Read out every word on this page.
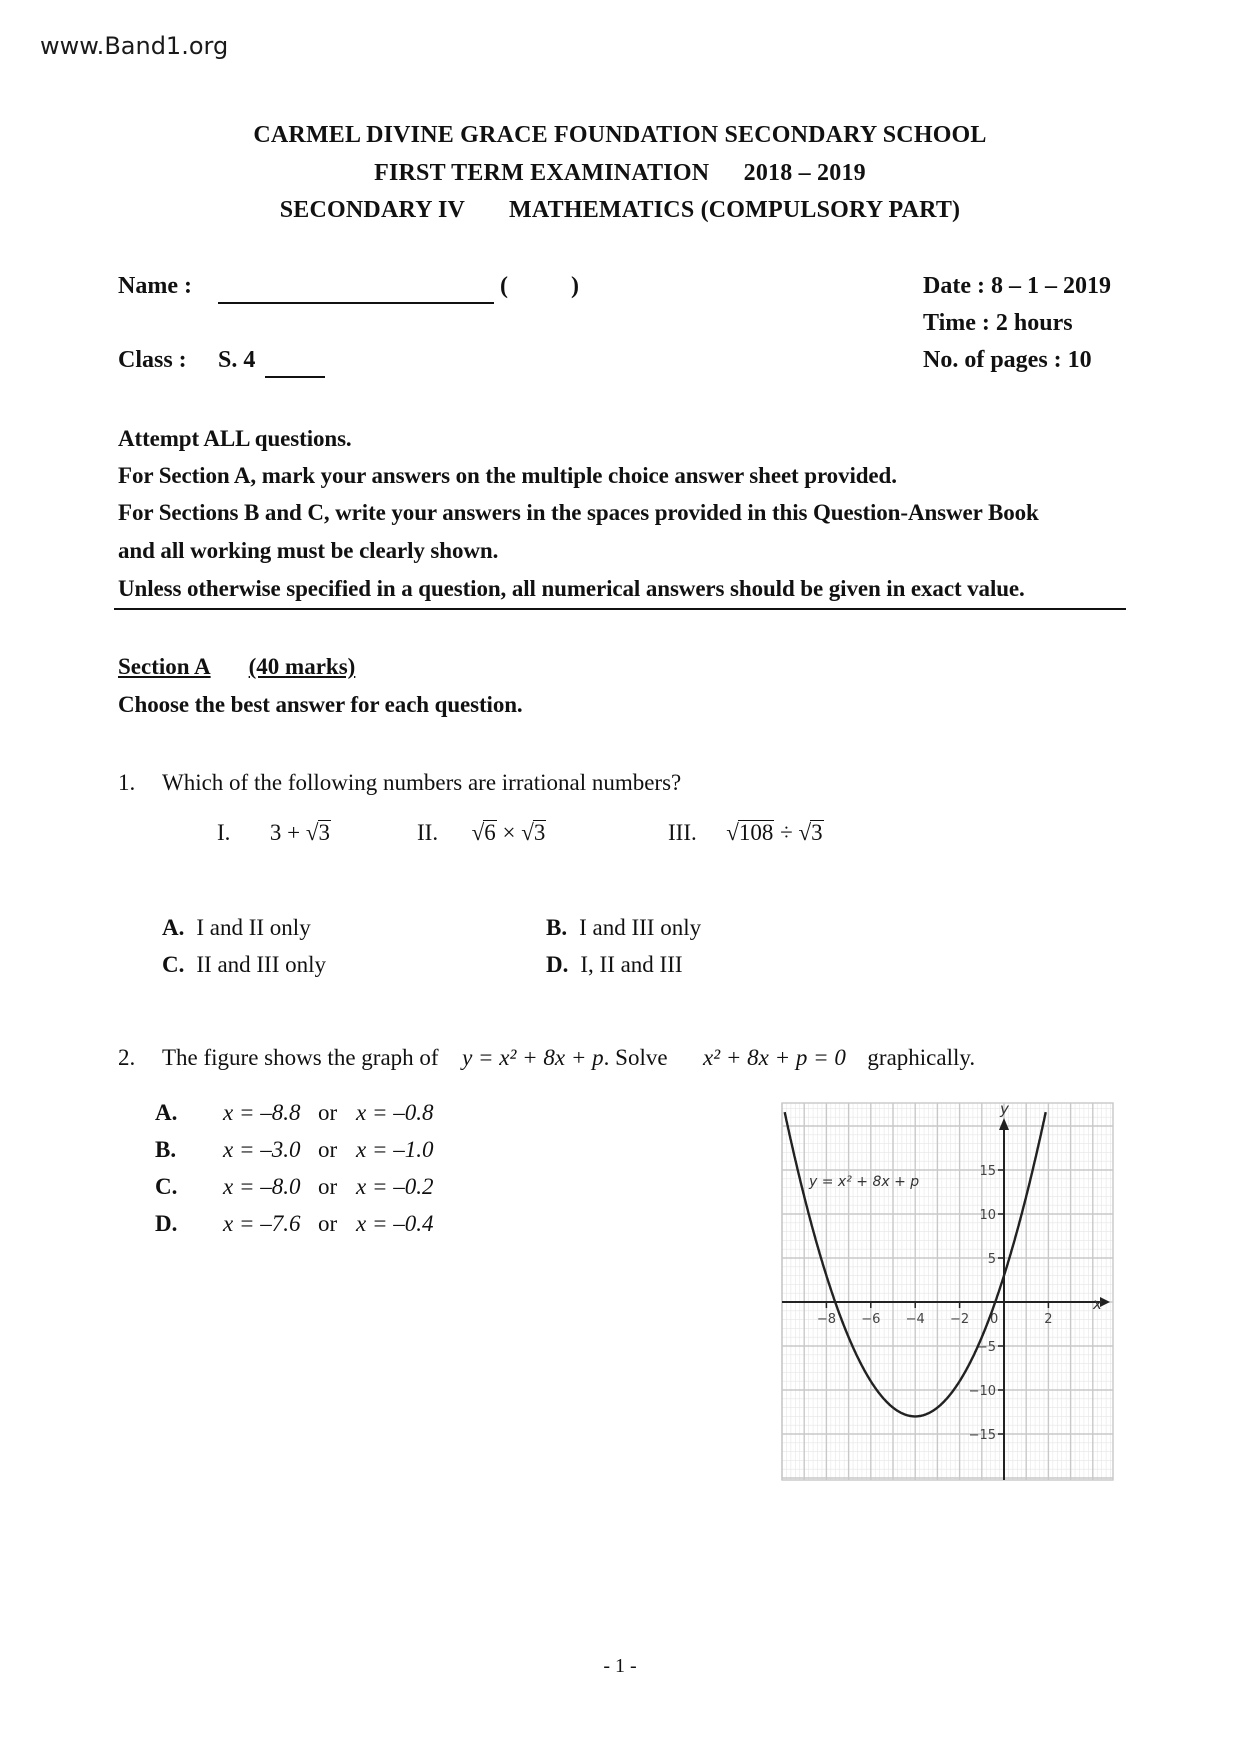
www.Band1.org
CARMEL DIVINE GRACE FOUNDATION SECONDARY SCHOOL
FIRST TERM EXAMINATION 2018 – 2019
SECONDARY IV MATHEMATICS (COMPULSORY PART)
Name :	(	)
Class : S. 4
Date : 8 – 1 – 2019
Time : 2 hours
No. of pages : 10
Attempt ALL questions.
For Section A, mark your answers on the multiple choice answer sheet provided.
For Sections B and C, write your answers in the spaces provided in this Question-Answer Book
and all working must be clearly shown.
Unless otherwise specified in a question, all numerical answers should be given in exact value.
Section A (40 marks)
Choose the best answer for each question.
1. Which of the following numbers are irrational numbers?
I. 3 + √3	II. √6 × √3	III. √108 ÷ √3
A. I and II only	B. I and III only
C. II and III only	D. I, II and III
2. The figure shows the graph of y = x² + 8x + p. Solve x² + 8x + p = 0 graphically.
A. x = –8.8 or x = –0.8
B. x = –3.0 or x = –1.0
C. x = –8.0 or x = –0.2
D. x = –7.6 or x = –0.4
−8 −6 −4 −2 0	2
−15
−10
−5
5
10
15
y = x² + 8x + p
y
x
- 1 -
